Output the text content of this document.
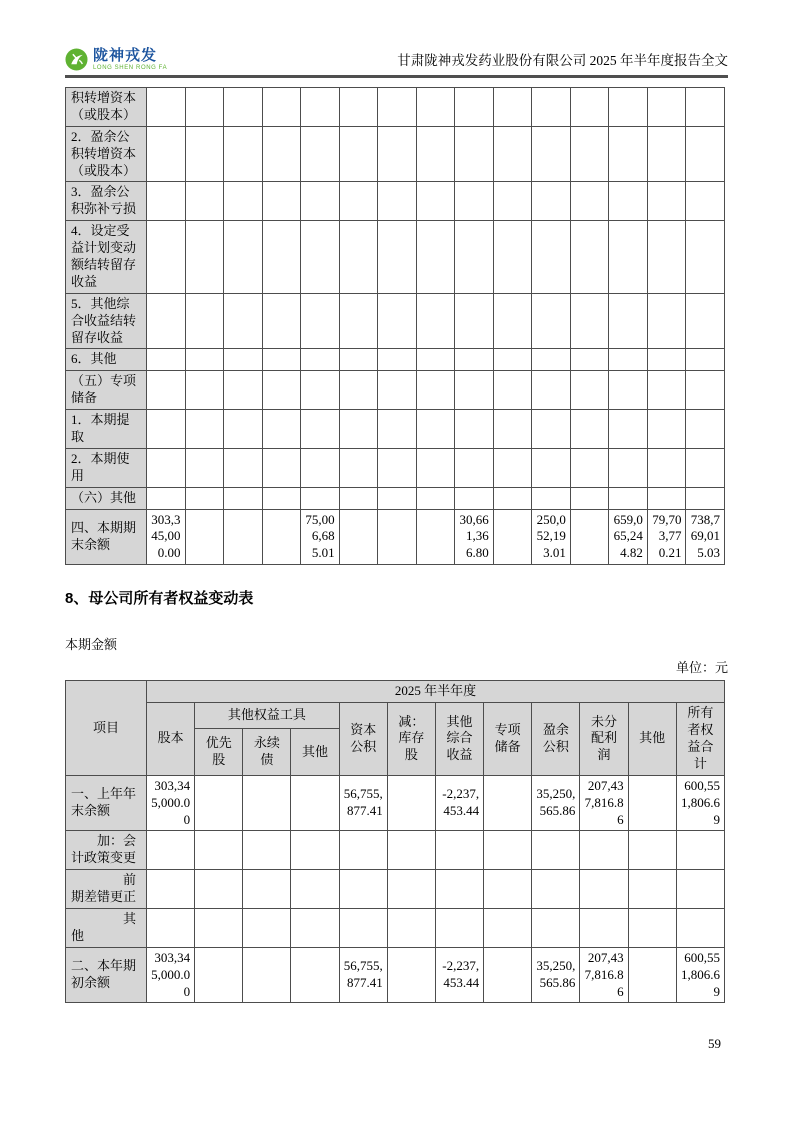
陇神戎发
LONG SHEN RONG FA	甘肃陇神戎发药业股份有限公司 2025 年半年度报告全文
积转增资本（或股本）															
2．盈余公积转增资本（或股本）															
3．盈余公积弥补亏损															
4．设定受益计划变动额结转留存收益															
5．其他综合收益结转留存收益															
6．其他															
（五）专项储备															
1．本期提取															
2．本期使用															
（六）其他															
四、本期期末余额	303,345,000.00				75,006,685.01				30,661,366.80		250,052,193.01		659,065,244.82	79,703,770.21	738,769,015.03
8、母公司所有者权益变动表
本期金额
单位：元
项目	2025 年半年度											
	股本	其他权益工具			资本公积	减：库存股	其他综合收益	专项储备	盈余公积	未分配利润	其他	所有者权益合计
		优先股	永续债	其他								
一、上年年末余额	303,345,000.00				56,755,877.41		-2,237,453.44		35,250,565.86	207,437,816.86		600,551,806.69
　　加：会计政策变更												
　　　　前期差错更正												
　　　　其他												
二、本年期初余额	303,345,000.00				56,755,877.41		-2,237,453.44		35,250,565.86	207,437,816.86		600,551,806.69
59
